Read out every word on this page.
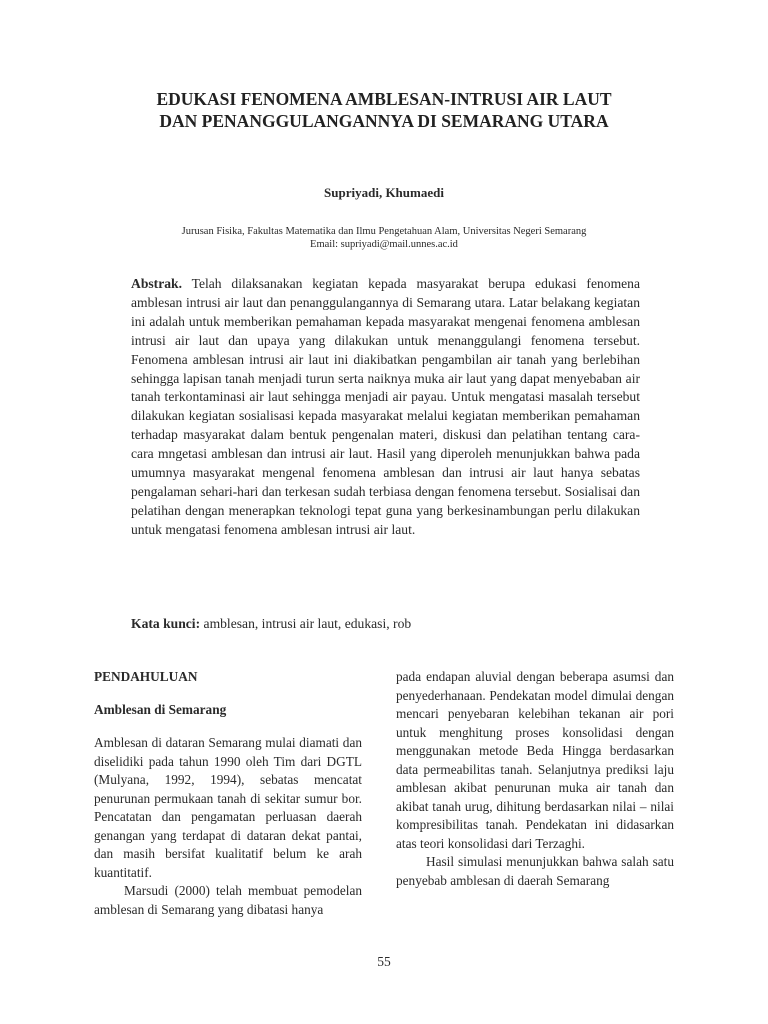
EDUKASI FENOMENA AMBLESAN-INTRUSI AIR LAUT
DAN PENANGGULANGANNYA DI SEMARANG UTARA
Supriyadi, Khumaedi
Jurusan Fisika, Fakultas Matematika dan Ilmu Pengetahuan Alam, Universitas Negeri Semarang
Email: supriyadi@mail.unnes.ac.id

Abstrak. Telah dilaksanakan kegiatan kepada masyarakat berupa edukasi fenomena amblesan intrusi air laut dan penanggulangannya di Semarang utara. Latar belakang kegiatan ini adalah untuk memberikan pemahaman kepada masyarakat mengenai fenomena amblesan intrusi air laut dan upaya yang dilakukan untuk menanggulangi fenomena tersebut. Fenomena amblesan intrusi air laut ini diakibatkan pengambilan air tanah yang berlebihan sehingga lapisan tanah menjadi turun serta naiknya muka air laut yang dapat menyebaban air tanah terkontaminasi air laut sehingga menjadi air payau. Untuk mengatasi masalah tersebut dilakukan kegiatan sosialisasi kepada masyarakat melalui kegiatan memberikan pemahaman terhadap masyarakat dalam bentuk pengenalan materi, diskusi dan pelatihan tentang cara-cara mngetasi amblesan dan intrusi air laut. Hasil yang diperoleh menunjukkan bahwa pada umumnya masyarakat mengenal fenomena amblesan dan intrusi air laut hanya sebatas pengalaman sehari-hari dan terkesan sudah terbiasa dengan fenomena tersebut. Sosialisai dan pelatihan dengan menerapkan teknologi tepat guna yang berkesinambungan perlu dilakukan untuk mengatasi fenomena amblesan intrusi air laut.

Kata kunci: amblesan, intrusi air laut, edukasi, rob
PENDAHULUAN
Amblesan di Semarang

Amblesan di dataran Semarang mulai diamati dan diselidiki pada tahun 1990 oleh Tim dari DGTL (Mulyana, 1992, 1994), sebatas mencatat penurunan permukaan tanah di sekitar sumur bor. Pencatatan dan pengamatan perluasan daerah genangan yang terdapat di dataran dekat pantai, dan masih bersifat kualitatif belum ke arah kuantitatif.

Marsudi (2000) telah membuat pemodelan amblesan di Semarang yang dibatasi hanya

pada endapan aluvial dengan beberapa asumsi dan penyederhanaan. Pendekatan model dimulai dengan mencari penyebaran kelebihan tekanan air pori untuk menghitung proses konsolidasi dengan menggunakan metode Beda Hingga berdasarkan data permeabilitas tanah. Selanjutnya prediksi laju amblesan akibat penurunan muka air tanah dan akibat tanah urug, dihitung berdasarkan nilai – nilai kompresibilitas tanah. Pendekatan ini didasarkan atas teori konsolidasi dari Terzaghi.

Hasil simulasi menunjukkan bahwa salah satu penyebab amblesan di daerah Semarang

55
